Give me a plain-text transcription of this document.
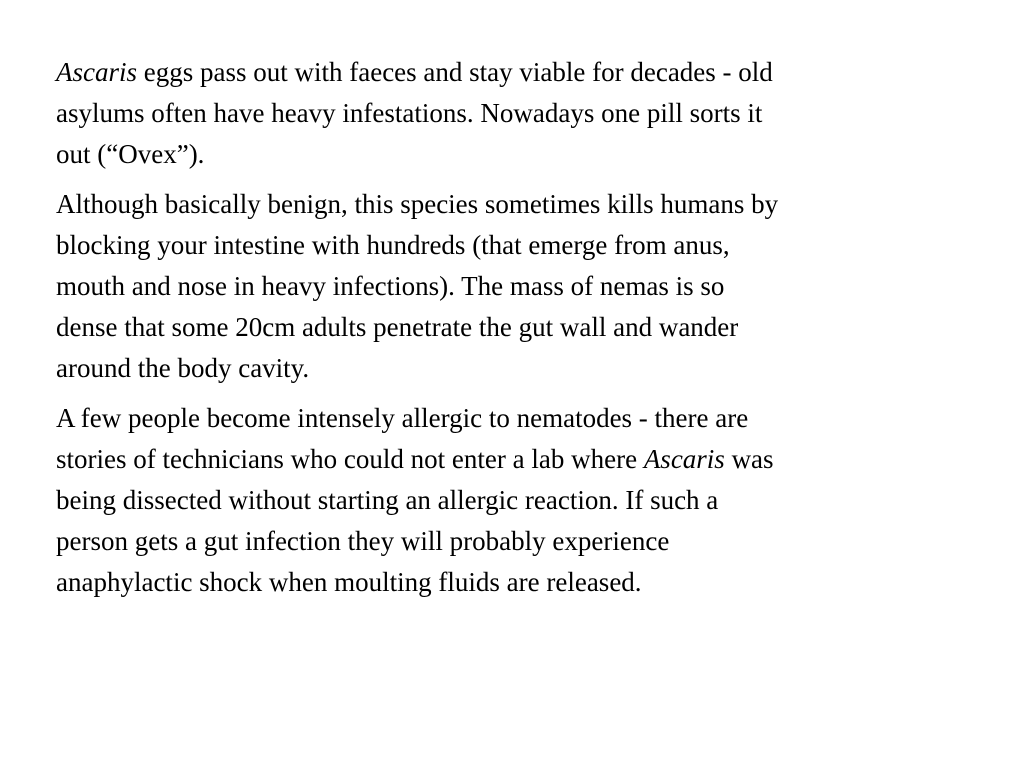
Ascaris eggs pass out with faeces and stay viable for decades - old
asylums often have heavy infestations. Nowadays one pill sorts it
out (“Ovex”).

Although basically benign, this species sometimes kills humans by
blocking your intestine with hundreds (that emerge from anus,
mouth and nose in heavy infections). The mass of nemas is so
dense that some 20cm adults penetrate the gut wall and wander
around the body cavity.

A few people become intensely allergic to nematodes - there are
stories of technicians who could not enter a lab where Ascaris was
being dissected without starting an allergic reaction. If such a
person gets a gut infection they will probably experience
anaphylactic shock when moulting fluids are released.
